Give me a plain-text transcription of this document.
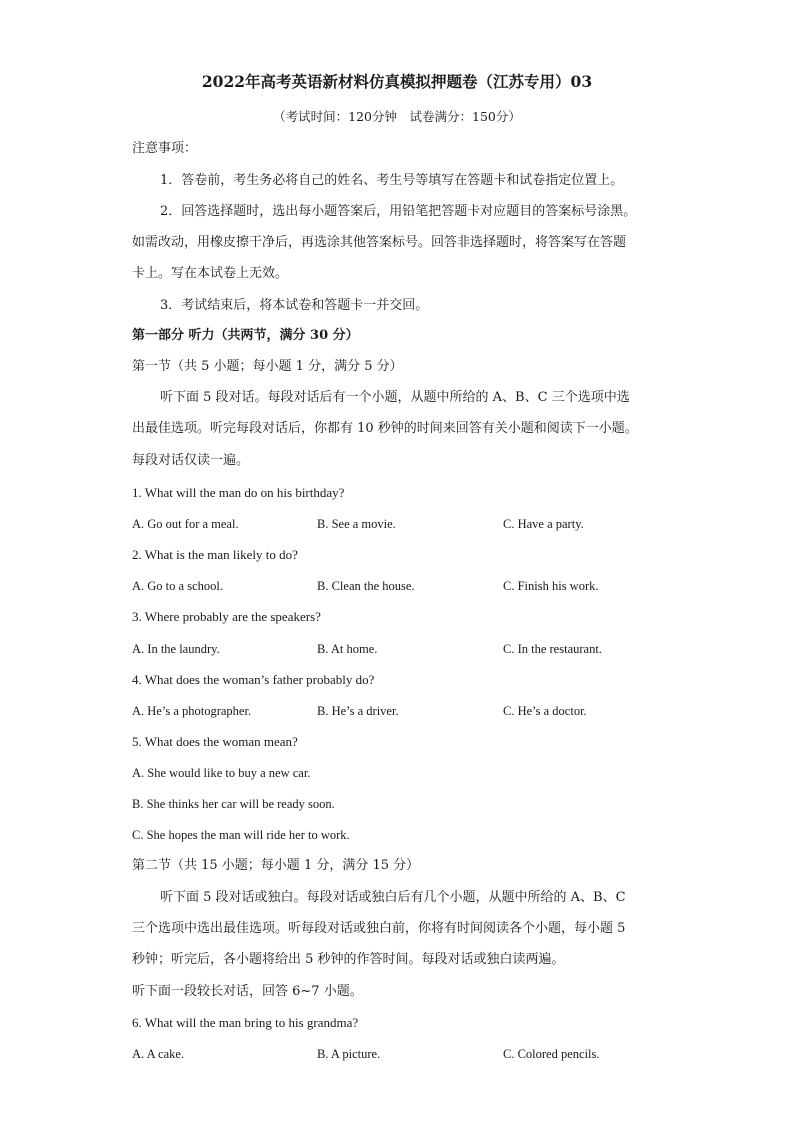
2022年高考英语新材料仿真模拟押题卷（江苏专用）03
（考试时间：120分钟　试卷满分：150分）
注意事项：
1．答卷前，考生务必将自己的姓名、考生号等填写在答题卡和试卷指定位置上。
2．回答选择题时，选出每小题答案后，用铅笔把答题卡对应题目的答案标号涂黑。
如需改动，用橡皮擦干净后，再选涂其他答案标号。回答非选择题时，将答案写在答题
卡上。写在本试卷上无效。
3．考试结束后，将本试卷和答题卡一并交回。
第一部分 听力（共两节，满分 30 分）
第一节（共 5 小题；每小题 1 分，满分 5 分）
听下面 5 段对话。每段对话后有一个小题，从题中所给的 A、B、C 三个选项中选
出最佳选项。听完每段对话后，你都有 10 秒钟的时间来回答有关小题和阅读下一小题。
每段对话仅读一遍。
1. What will the man do on his birthday?
A. Go out for a meal.	B. See a movie.	C. Have a party.
2. What is the man likely to do?
A. Go to a school.	B. Clean the house.	C. Finish his work.
3. Where probably are the speakers?
A. In the laundry.	B. At home.	C. In the restaurant.
4. What does the woman’s father probably do?
A. He’s a photographer.	B. He’s a driver.	C. He’s a doctor.
5. What does the woman mean?
A. She would like to buy a new car.
B. She thinks her car will be ready soon.
C. She hopes the man will ride her to work.
第二节（共 15 小题；每小题 1 分，满分 15 分）
听下面 5 段对话或独白。每段对话或独白后有几个小题，从题中所给的 A、B、C
三个选项中选出最佳选项。听每段对话或独白前，你将有时间阅读各个小题，每小题 5
秒钟；听完后，各小题将给出 5 秒钟的作答时间。每段对话或独白读两遍。
听下面一段较长对话，回答 6~7 小题。
6. What will the man bring to his grandma?
A. A cake.	B. A picture.	C. Colored pencils.
